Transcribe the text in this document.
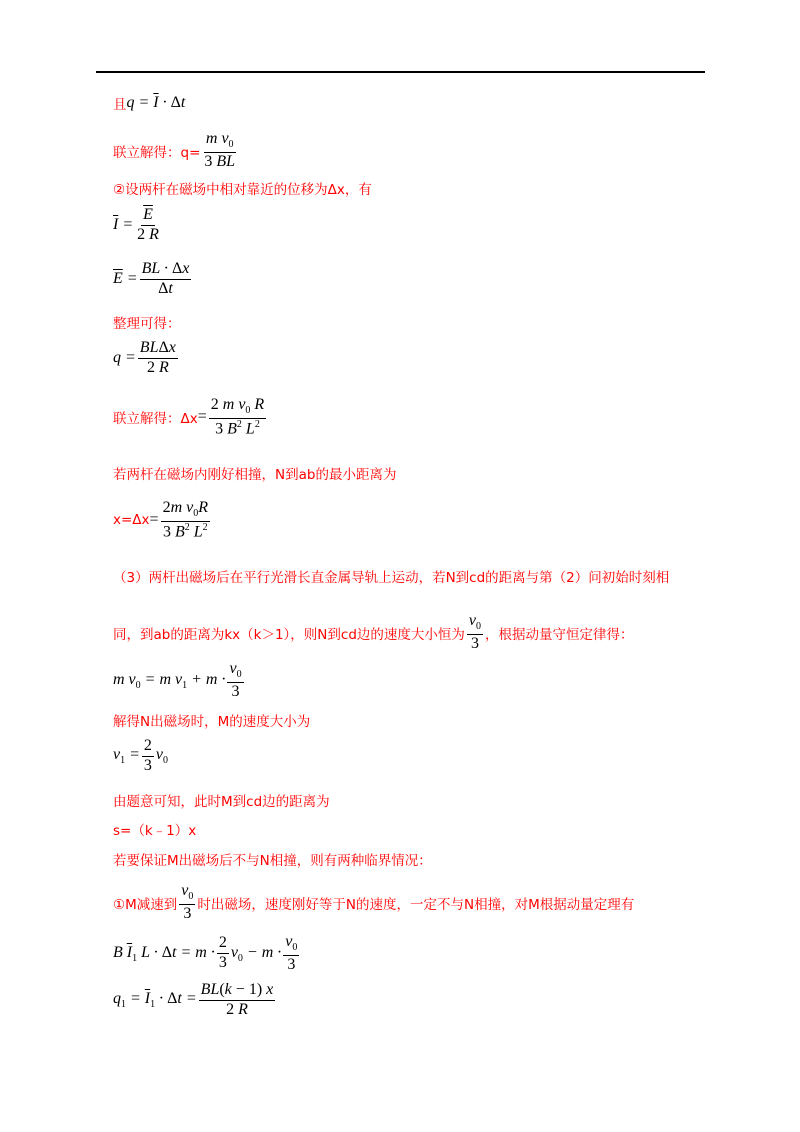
且 $q = \overline{I} \cdot \Delta t$
联立解得：$q= \frac{m v_0}{3 BL}$
②设两杆在磁场中相对靠近的位移为Δx，有
$\overline{I} = \frac{\overline{E}}{2 R}$
$\overline{E} = \frac{BL \cdot \Delta x}{\Delta t}$
整理可得：
$q = \frac{\text{BLΔx}}{2 R}$
联立解得：$\Delta x = \frac{2 m v_0 R}{3 B^2 L^2}$
若两杆在磁场内刚好相撞，N到ab的最小距离为
$x=\Delta x = \frac{2m v_0R}{3 B^2 L^2}$
（3）两杆出磁场后在平行光滑长直金属导轨上运动，若N到cd的距离与第（2）问初始时刻相
同，到ab的距离为kx（k＞1），则N到cd边的速度大小恒为 $\frac{v_0}{3}$ ，根据动量守恒定律得：
m $v_0 = m$ $v_1 + m \cdot \frac{v_0}{3}$
解得N出磁场时，M的速度大小为
$v_1 = \frac{2}{3} v_0$
由题意可知，此时M到cd边的距离为
s=（k﹣1）x
若要保证M出磁场后不与N相撞，则有两种临界情况：
①M减速到 $\frac{v_0}{3}$ 时出磁场，速度刚好等于N的速度，一定不与N相撞，对M根据动量定理有
B $\overline{I}_1$ $L \cdot \Delta t = m \cdot \frac{2}{3} v_0 - m \cdot \frac{v_0}{3}$
$q_1 = \overline{I}_1 \cdot \Delta t = \frac{BL(k - 1) x}{2 R}$
